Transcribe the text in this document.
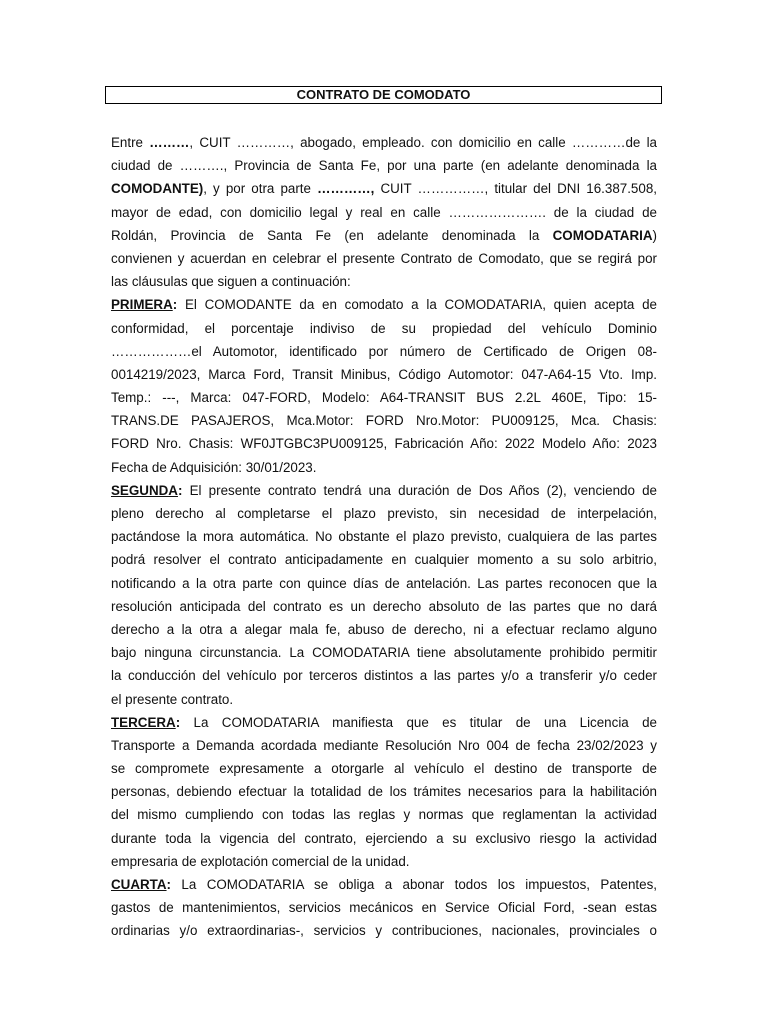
CONTRATO DE COMODATO
Entre ………, CUIT …………, abogado, empleado. con domicilio en calle …………de la
ciudad de ………., Provincia de Santa Fe, por una parte (en adelante denominada la
COMODANTE), y por otra parte …………, CUIT ……………, titular del DNI 16.387.508,
mayor de edad, con domicilio legal y real en calle …………………. de la ciudad de
Roldán, Provincia de Santa Fe (en adelante denominada la COMODATARIA)
convienen y acuerdan en celebrar el presente Contrato de Comodato, que se regirá por
las cláusulas que siguen a continuación:
PRIMERA: El COMODANTE da en comodato a la COMODATARIA, quien acepta de
conformidad, el porcentaje indiviso de su propiedad del vehículo Dominio
………………el Automotor, identificado por número de Certificado de Origen 08-
0014219/2023, Marca Ford, Transit Minibus, Código Automotor: 047-A64-15 Vto. Imp.
Temp.: ---, Marca: 047-FORD, Modelo: A64-TRANSIT BUS 2.2L 460E, Tipo: 15-
TRANS.DE PASAJEROS, Mca.Motor: FORD Nro.Motor: PU009125, Mca. Chasis:
FORD Nro. Chasis: WF0JTGBC3PU009125, Fabricación Año: 2022 Modelo Año: 2023
Fecha de Adquisición: 30/01/2023.
SEGUNDA: El presente contrato tendrá una duración de Dos Años (2), venciendo de
pleno derecho al completarse el plazo previsto, sin necesidad de interpelación,
pactándose la mora automática. No obstante el plazo previsto, cualquiera de las partes
podrá resolver el contrato anticipadamente en cualquier momento a su solo arbitrio,
notificando a la otra parte con quince días de antelación. Las partes reconocen que la
resolución anticipada del contrato es un derecho absoluto de las partes que no dará
derecho a la otra a alegar mala fe, abuso de derecho, ni a efectuar reclamo alguno
bajo ninguna circunstancia. La COMODATARIA tiene absolutamente prohibido permitir
la conducción del vehículo por terceros distintos a las partes y/o a transferir y/o ceder
el presente contrato.
TERCERA: La COMODATARIA manifiesta que es titular de una Licencia de
Transporte a Demanda acordada mediante Resolución Nro 004 de fecha 23/02/2023 y
se compromete expresamente a otorgarle al vehículo el destino de transporte de
personas, debiendo efectuar la totalidad de los trámites necesarios para la habilitación
del mismo cumpliendo con todas las reglas y normas que reglamentan la actividad
durante toda la vigencia del contrato, ejerciendo a su exclusivo riesgo la actividad
empresaria de explotación comercial de la unidad.
CUARTA: La COMODATARIA se obliga a abonar todos los impuestos, Patentes,
gastos de mantenimientos, servicios mecánicos en Service Oficial Ford, -sean estas
ordinarias y/o extraordinarias-, servicios y contribuciones, nacionales, provinciales o
